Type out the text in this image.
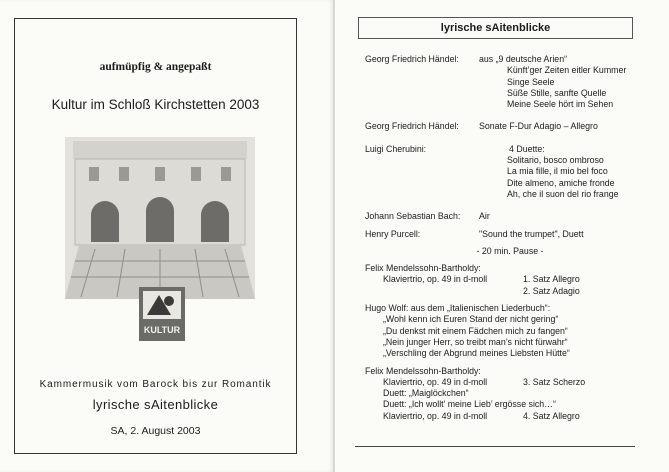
aufmüpfig & angepaßt
Kultur im Schloß Kirchstetten 2003
KULTUR
Kammermusik vom Barock bis zur Romantik
lyrische sAitenblicke
SA, 2. August 2003
lyrische sAitenblicke
Georg Friedrich Händel:	aus „9 deutsche Arien“
Künft’ger Zeiten eitler Kummer
Singe Seele
Süße Stille, sanfte Quelle
Meine Seele hört im Sehen
Georg Friedrich Händel:	Sonate F-Dur Adagio – Allegro
Luigi Cherubini:	4 Duette:
Solitario, bosco ombroso
La mia fille, il mio bel foco
Dite almeno, amiche fronde
Ah, che il suon del rio frange
Johann Sebastian Bach:	Air
Henry Purcell:	"Sound the trumpet", Duett
- 20 min. Pause -
Felix Mendelssohn-Bartholdy:
Klaviertrio, op. 49 in d-moll	1. Satz Allegro
2. Satz Adagio
Hugo Wolf: aus dem „Italienischen Liederbuch“:
„Wohl kenn ich Euren Stand der nicht gering“
„Du denkst mit einem Fädchen mich zu fangen“
„Nein junger Herr, so treibt man’s nicht fürwahr“
„Verschling der Abgrund meines Liebsten Hütte“
Felix Mendelssohn-Bartholdy:
Klaviertrio, op. 49 in d-moll	3. Satz Scherzo
Duett: „Maiglöckchen“
Duett: „Ich wollt’ meine Lieb’ ergösse sich…“
Klaviertrio, op. 49 in d-moll	4. Satz Allegro
